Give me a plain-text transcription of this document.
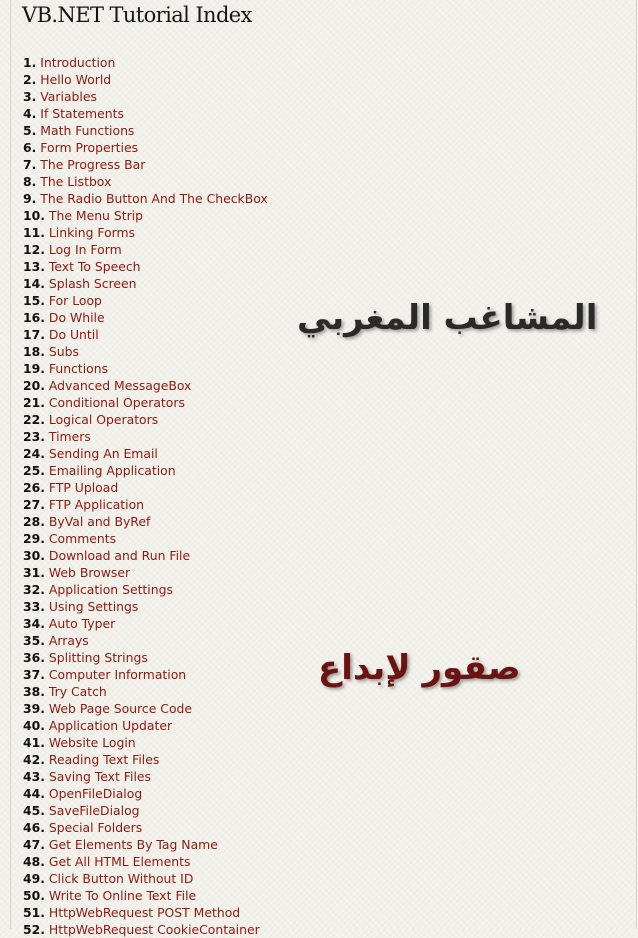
VB.NET Tutorial Index
1. Introduction
2. Hello World
3. Variables
4. If Statements
5. Math Functions
6. Form Properties
7. The Progress Bar
8. The Listbox
9. The Radio Button And The CheckBox
10. The Menu Strip
11. Linking Forms
12. Log In Form
13. Text To Speech
14. Splash Screen
15. For Loop
16. Do While
17. Do Until
18. Subs
19. Functions
20. Advanced MessageBox
21. Conditional Operators
22. Logical Operators
23. Timers
24. Sending An Email
25. Emailing Application
26. FTP Upload
27. FTP Application
28. ByVal and ByRef
29. Comments
30. Download and Run File
31. Web Browser
32. Application Settings
33. Using Settings
34. Auto Typer
35. Arrays
36. Splitting Strings
37. Computer Information
38. Try Catch
39. Web Page Source Code
40. Application Updater
41. Website Login
42. Reading Text Files
43. Saving Text Files
44. OpenFileDialog
45. SaveFileDialog
46. Special Folders
47. Get Elements By Tag Name
48. Get All HTML Elements
49. Click Button Without ID
50. Write To Online Text File
51. HttpWebRequest POST Method
52. HttpWebRequest CookieContainer
المشاغب المغربي
صقور لإبداع
